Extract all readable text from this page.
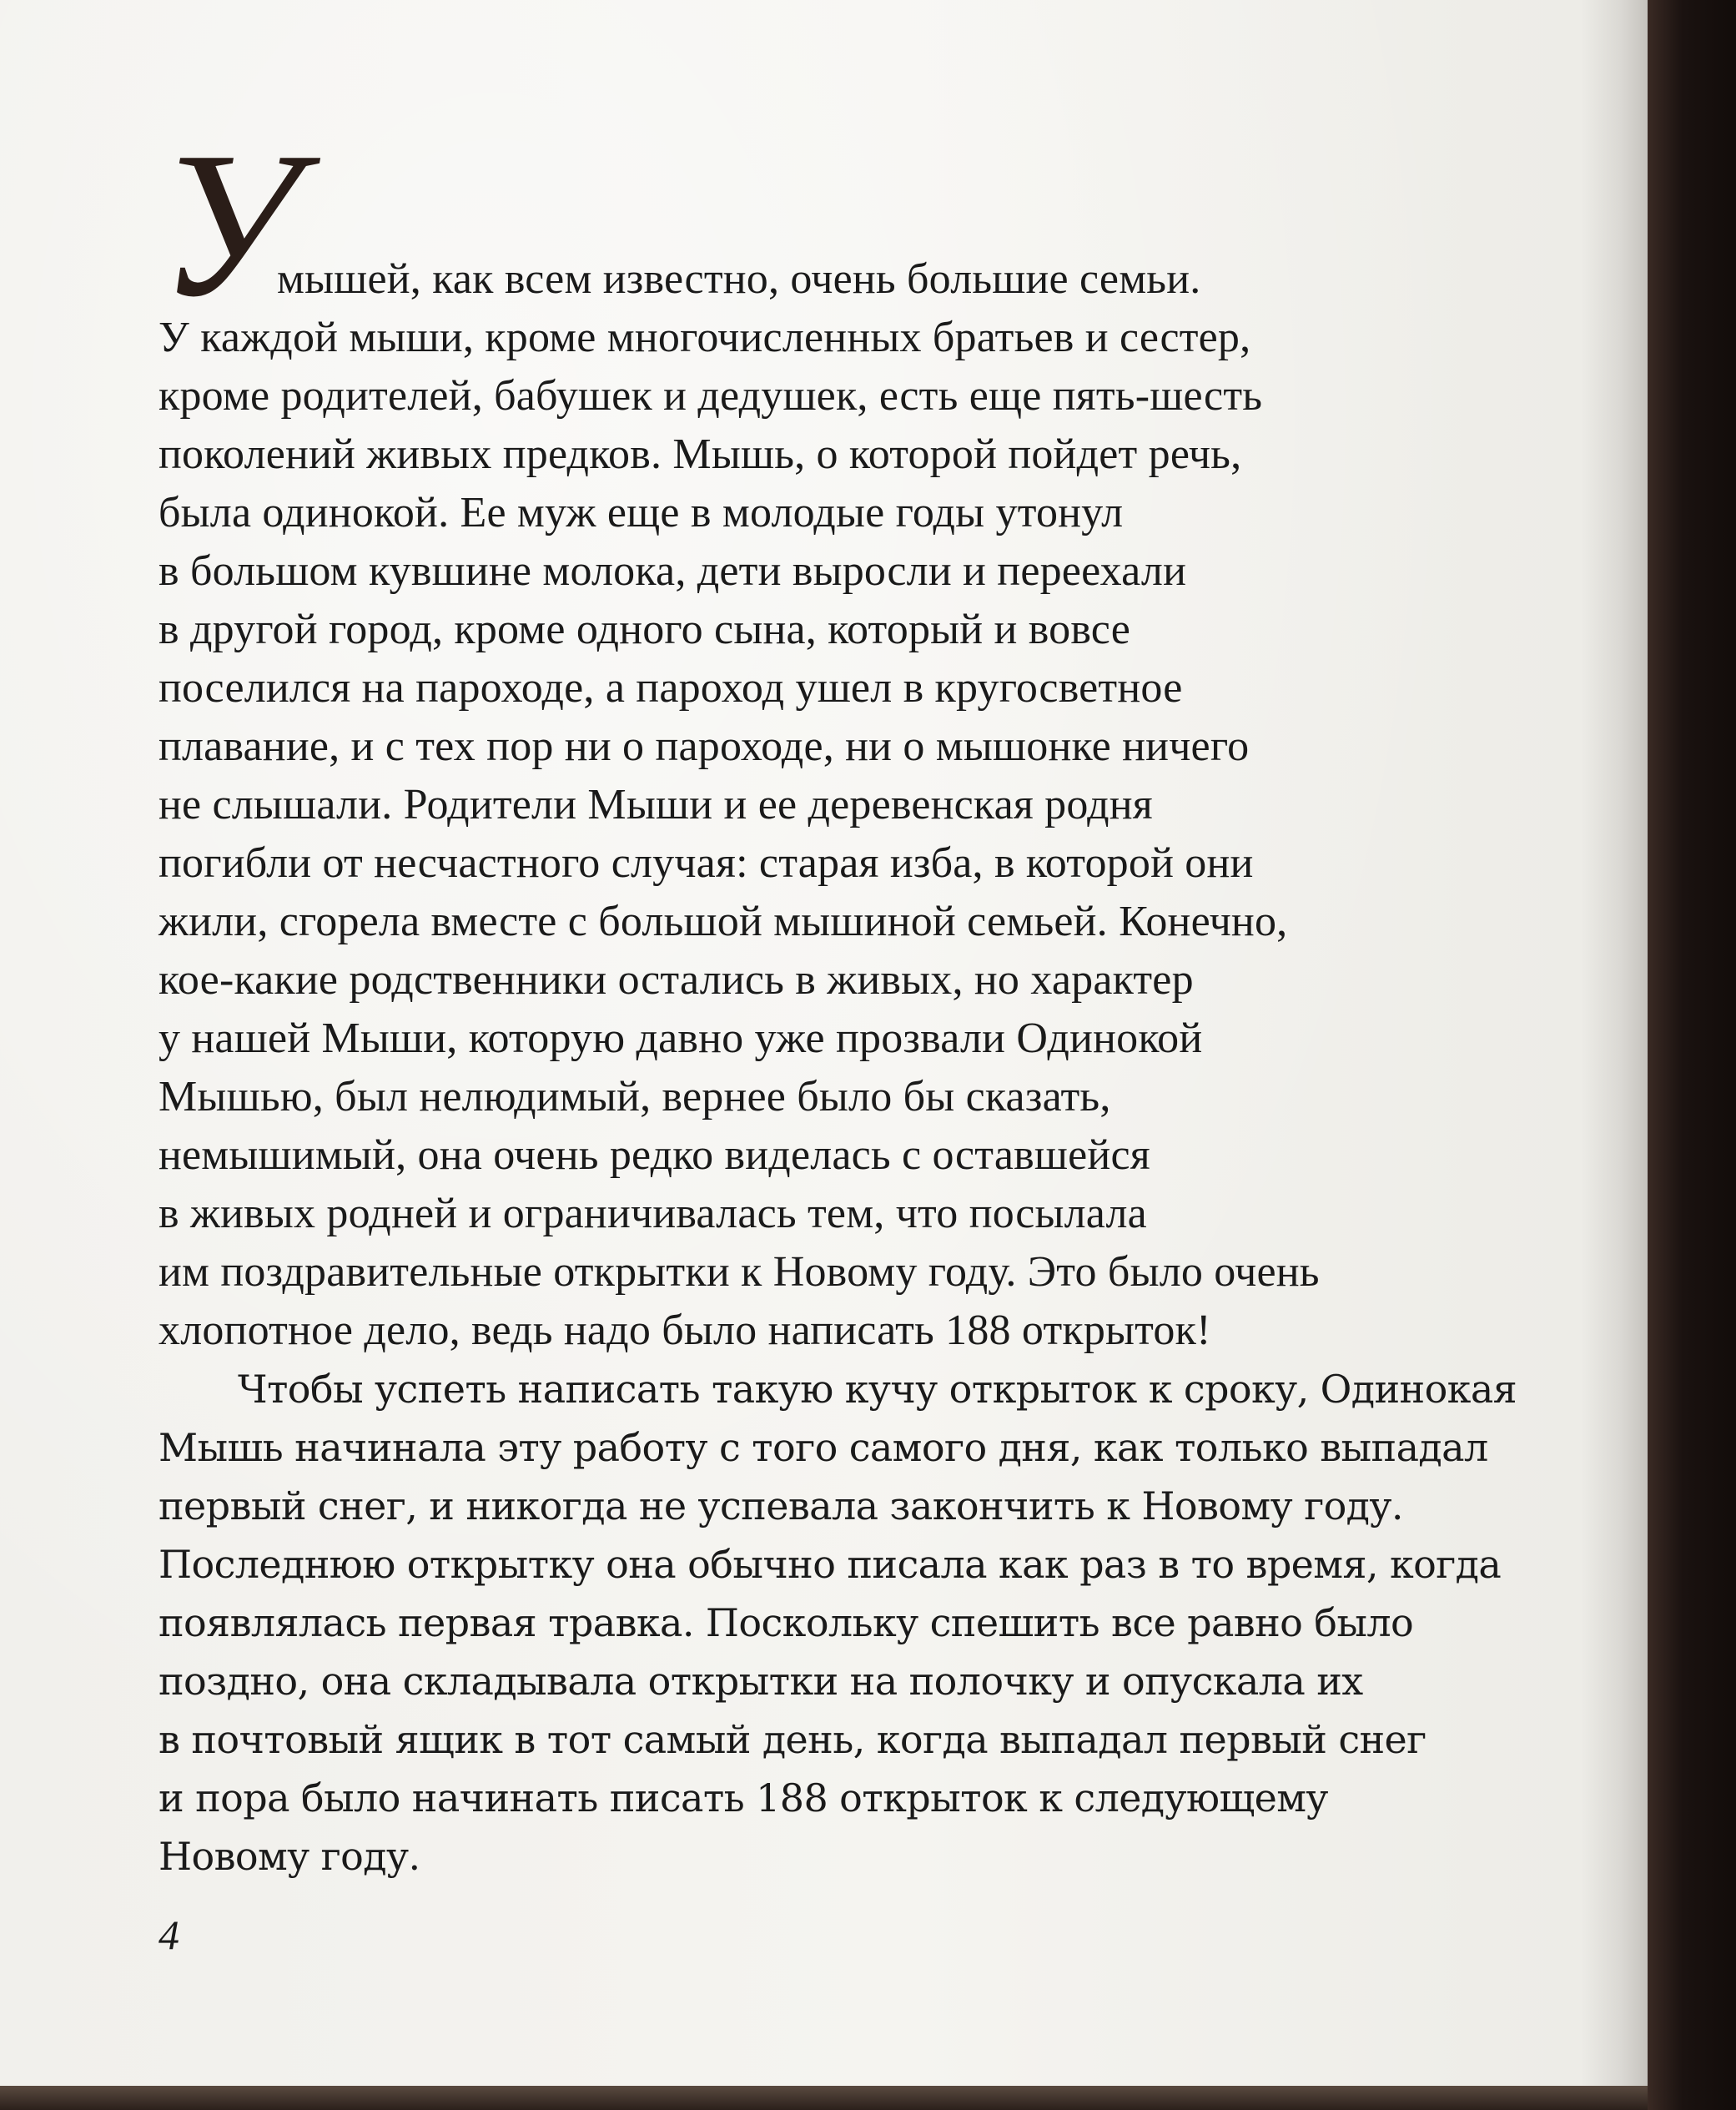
У
мышей, как всем известно, очень большие семьи.
У каждой мыши, кроме многочисленных братьев и сестер,
кроме родителей, бабушек и дедушек, есть еще пять-шесть
поколений живых предков. Мышь, о которой пойдет речь,
была одинокой. Ее муж еще в молодые годы утонул
в большом кувшине молока, дети выросли и переехали
в другой город, кроме одного сына, который и вовсе
поселился на пароходе, а пароход ушел в кругосветное
плавание, и с тех пор ни о пароходе, ни о мышонке ничего
не слышали. Родители Мыши и ее деревенская родня
погибли от несчастного случая: старая изба, в которой они
жили, сгорела вместе с большой мышиной семьей. Конечно,
кое-какие родственники остались в живых, но характер
у нашей Мыши, которую давно уже прозвали Одинокой
Мышью, был нелюдимый, вернее было бы сказать,
немышимый, она очень редко виделась с оставшейся
в живых родней и ограничивалась тем, что посылала
им поздравительные открытки к Новому году. Это было очень
хлопотное дело, ведь надо было написать 188 открыток!
Чтобы успеть написать такую кучу открыток к сроку, Одинокая
Мышь начинала эту работу с того самого дня, как только выпадал
первый снег, и никогда не успевала закончить к Новому году.
Последнюю открытку она обычно писала как раз в то время, когда
появлялась первая травка. Поскольку спешить все равно было
поздно, она складывала открытки на полочку и опускала их
в почтовый ящик в тот самый день, когда выпадал первый снег
и пора было начинать писать 188 открыток к следующему
Новому году.
4
